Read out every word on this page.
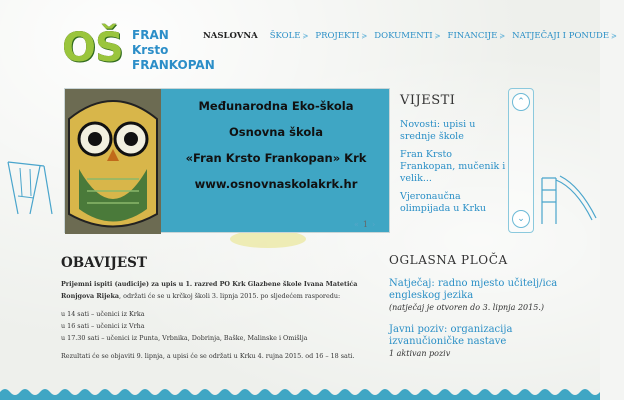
OŠ FRAN
Krsto
FRANKOPAN
NASLOVNA ŠKOLE ≽ PROJEKTI ≽ DOKUMENTI ≽ FINANCIJE ≽ NATJEČAJI I PONUDE ≽
Međunarodna Eko-škola
Osnovna škola
«Fran Krsto Frankopan» Krk
www.osnovnaskolakrk.hr
« 1 ›
VIJESTI
Novosti: upisi u srednje škole
Fran Krsto Frankopan, mučenik i velik...
Vjeronaučna olimpijada u Krku
⌃
⌄
OBAVIJEST

Prijemni ispiti (audicije) za upis u 1. razred PO Krk Glazbene škole Ivana Matetića Ronjgova Rijeka, održati će se u krčkoj školi 3. lipnja 2015. po sljedećem rasporedu:

u 14 sati – učenici iz Krka
u 16 sati – učenici iz Vrha
u 17.30 sati – učenici iz Punta, Vrbnika, Dobrinja, Baške, Malinske i Omišlja

Rezultati će se objaviti 9. lipnja, a upisi će se održati u Krku 4. rujna 2015. od 16 – 18 sati.

OGLASNA PLOČA
Natječaj: radno mjesto učitelj/ica engleskog jezika
(natječaj je otvoren do 3. lipnja 2015.)
Javni poziv: organizacija izvanučioničke nastave
1 aktivan poziv
